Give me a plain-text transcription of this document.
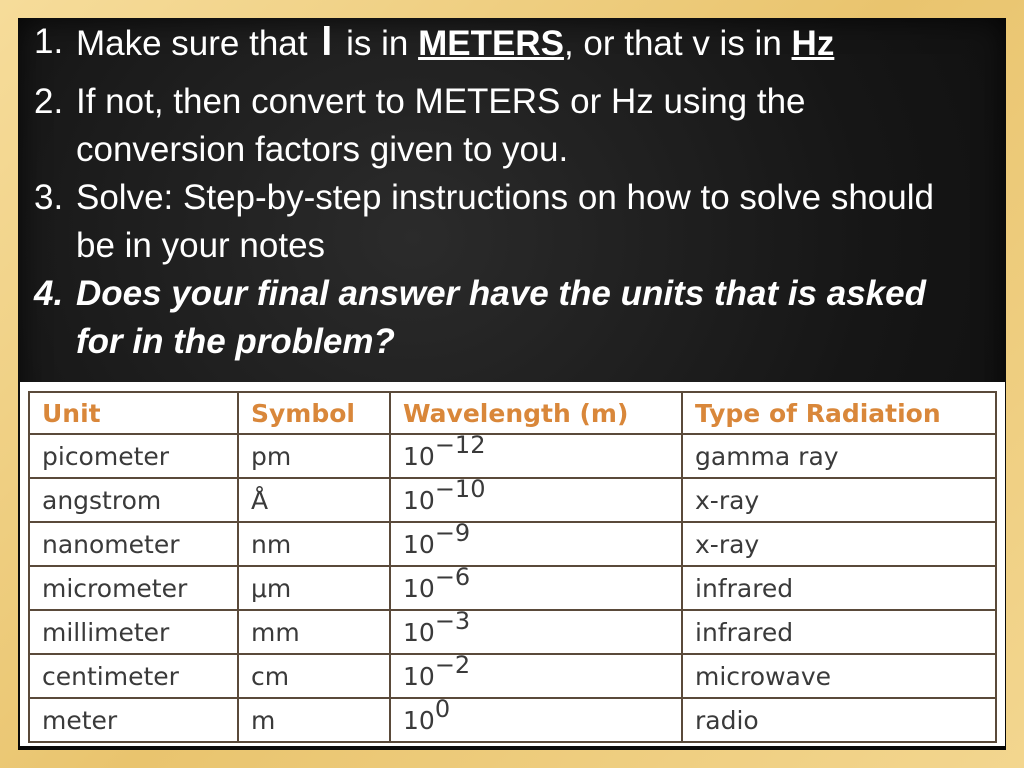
1. Make sure that l is in METERS, or that v is in Hz
2. If not, then convert to METERS or Hz using the conversion factors given to you.
3. Solve: Step-by-step instructions on how to solve should be in your notes
4. Does your final answer have the units that is asked for in the problem?
Unit	Symbol	Wavelength (m)	Type of Radiation
picometer	pm	10−12	gamma ray
angstrom	Å	10−10	x-ray
nanometer	nm	10−9	x-ray
micrometer	μm	10−6	infrared
millimeter	mm	10−3	infrared
centimeter	cm	10−2	microwave
meter	m	100	radio
